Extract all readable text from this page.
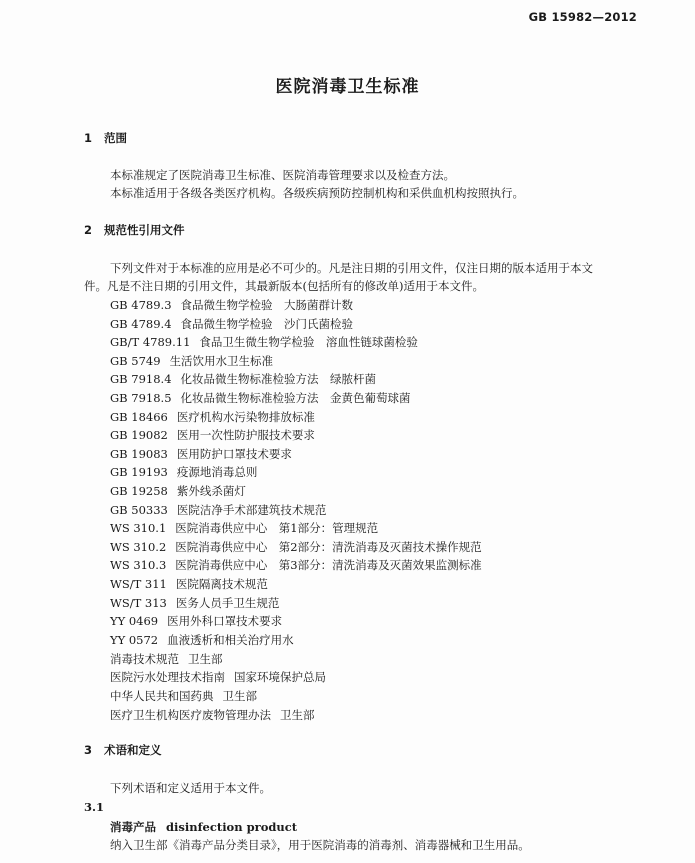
GB 15982—2012
医院消毒卫生标准
1 范围
本标准规定了医院消毒卫生标准、医院消毒管理要求以及检查方法。
本标准适用于各级各类医疗机构。各级疾病预防控制机构和采供血机构按照执行。
2 规范性引用文件
下列文件对于本标准的应用是必不可少的。凡是注日期的引用文件，仅注日期的版本适用于本文
件。凡是不注日期的引用文件，其最新版本(包括所有的修改单)适用于本文件。
GB 4789.3 食品微生物学检验　大肠菌群计数
GB 4789.4 食品微生物学检验　沙门氏菌检验
GB/T 4789.11 食品卫生微生物学检验　溶血性链球菌检验
GB 5749 生活饮用水卫生标准
GB 7918.4 化妆品微生物标准检验方法　绿脓杆菌
GB 7918.5 化妆品微生物标准检验方法　金黄色葡萄球菌
GB 18466 医疗机构水污染物排放标准
GB 19082 医用一次性防护服技术要求
GB 19083 医用防护口罩技术要求
GB 19193 疫源地消毒总则
GB 19258 紫外线杀菌灯
GB 50333 医院洁净手术部建筑技术规范
WS 310.1 医院消毒供应中心　第1部分：管理规范
WS 310.2 医院消毒供应中心　第2部分：清洗消毒及灭菌技术操作规范
WS 310.3 医院消毒供应中心　第3部分：清洗消毒及灭菌效果监测标准
WS/T 311 医院隔离技术规范
WS/T 313 医务人员手卫生规范
YY 0469 医用外科口罩技术要求
YY 0572 血液透析和相关治疗用水
消毒技术规范 卫生部
医院污水处理技术指南 国家环境保护总局
中华人民共和国药典 卫生部
医疗卫生机构医疗废物管理办法 卫生部
3 术语和定义
下列术语和定义适用于本文件。
3.1
消毒产品 disinfection product
纳入卫生部《消毒产品分类目录》，用于医院消毒的消毒剂、消毒器械和卫生用品。
